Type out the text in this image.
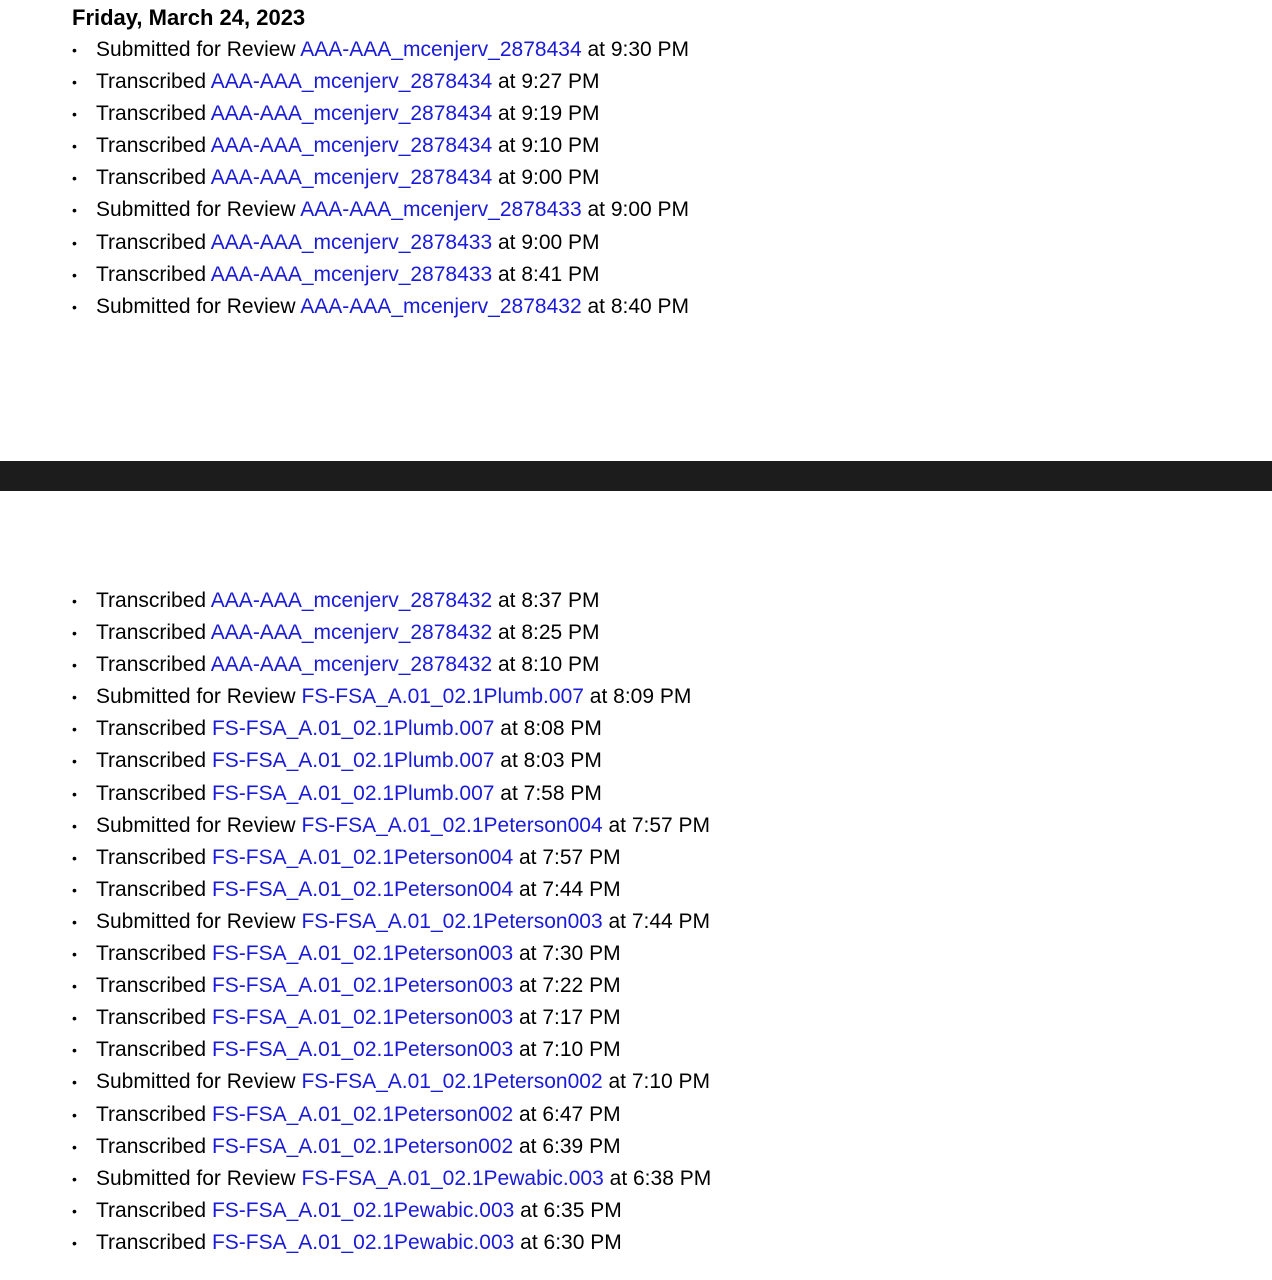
Friday, March 24, 2023
• Submitted for Review AAA-AAA_mcenjerv_2878434 at 9:30 PM
• Transcribed AAA-AAA_mcenjerv_2878434 at 9:27 PM
• Transcribed AAA-AAA_mcenjerv_2878434 at 9:19 PM
• Transcribed AAA-AAA_mcenjerv_2878434 at 9:10 PM
• Transcribed AAA-AAA_mcenjerv_2878434 at 9:00 PM
• Submitted for Review AAA-AAA_mcenjerv_2878433 at 9:00 PM
• Transcribed AAA-AAA_mcenjerv_2878433 at 9:00 PM
• Transcribed AAA-AAA_mcenjerv_2878433 at 8:41 PM
• Submitted for Review AAA-AAA_mcenjerv_2878432 at 8:40 PM
• Transcribed AAA-AAA_mcenjerv_2878432 at 8:37 PM
• Transcribed AAA-AAA_mcenjerv_2878432 at 8:25 PM
• Transcribed AAA-AAA_mcenjerv_2878432 at 8:10 PM
• Submitted for Review FS-FSA_A.01_02.1Plumb.007 at 8:09 PM
• Transcribed FS-FSA_A.01_02.1Plumb.007 at 8:08 PM
• Transcribed FS-FSA_A.01_02.1Plumb.007 at 8:03 PM
• Transcribed FS-FSA_A.01_02.1Plumb.007 at 7:58 PM
• Submitted for Review FS-FSA_A.01_02.1Peterson004 at 7:57 PM
• Transcribed FS-FSA_A.01_02.1Peterson004 at 7:57 PM
• Transcribed FS-FSA_A.01_02.1Peterson004 at 7:44 PM
• Submitted for Review FS-FSA_A.01_02.1Peterson003 at 7:44 PM
• Transcribed FS-FSA_A.01_02.1Peterson003 at 7:30 PM
• Transcribed FS-FSA_A.01_02.1Peterson003 at 7:22 PM
• Transcribed FS-FSA_A.01_02.1Peterson003 at 7:17 PM
• Transcribed FS-FSA_A.01_02.1Peterson003 at 7:10 PM
• Submitted for Review FS-FSA_A.01_02.1Peterson002 at 7:10 PM
• Transcribed FS-FSA_A.01_02.1Peterson002 at 6:47 PM
• Transcribed FS-FSA_A.01_02.1Peterson002 at 6:39 PM
• Submitted for Review FS-FSA_A.01_02.1Pewabic.003 at 6:38 PM
• Transcribed FS-FSA_A.01_02.1Pewabic.003 at 6:35 PM
• Transcribed FS-FSA_A.01_02.1Pewabic.003 at 6:30 PM
